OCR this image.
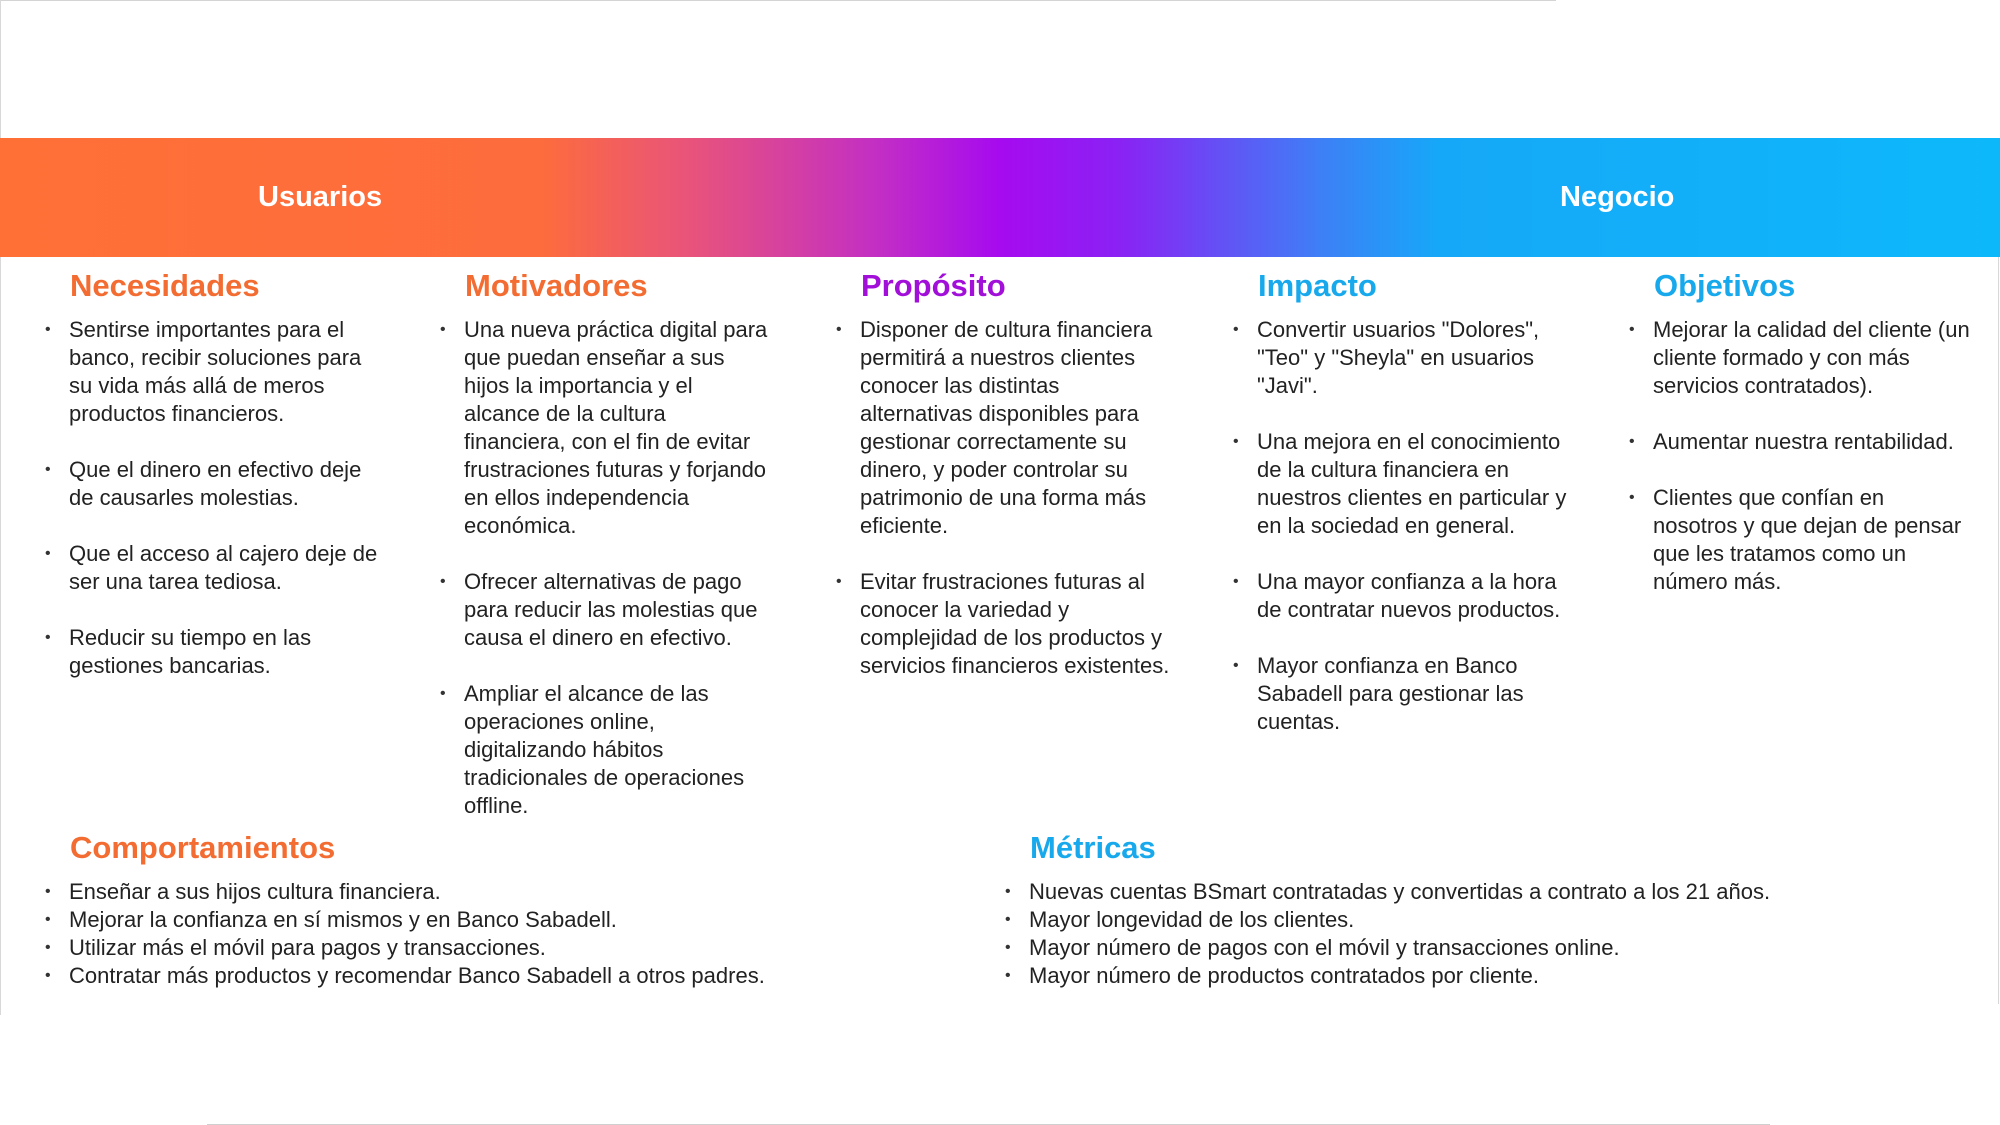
Usuarios	Negocio
Necesidades
• Sentirse importantes para el banco, recibir soluciones para su vida más allá de meros productos financieros.
• Que el dinero en efectivo deje de causarles molestias.
• Que el acceso al cajero deje de ser una tarea tediosa.
• Reducir su tiempo en las gestiones bancarias.
Motivadores
• Una nueva práctica digital para que puedan enseñar a sus hijos la importancia y el alcance de la cultura financiera, con el fin de evitar frustraciones futuras y forjando en ellos independencia económica.
• Ofrecer alternativas de pago para reducir las molestias que causa el dinero en efectivo.
• Ampliar el alcance de las operaciones online, digitalizando hábitos tradicionales de operaciones offline.
Propósito
• Disponer de cultura financiera permitirá a nuestros clientes conocer las distintas alternativas disponibles para gestionar correctamente su dinero, y poder controlar su patrimonio de una forma más eficiente.
• Evitar frustraciones futuras al conocer la variedad y complejidad de los productos y servicios financieros existentes.
Impacto
• Convertir usuarios "Dolores", "Teo" y "Sheyla" en usuarios "Javi".
• Una mejora en el conocimiento de la cultura financiera en nuestros clientes en particular y en la sociedad en general.
• Una mayor confianza a la hora de contratar nuevos productos.
• Mayor confianza en Banco Sabadell para gestionar las cuentas.
Objetivos
• Mejorar la calidad del cliente (un cliente formado y con más servicios contratados).
• Aumentar nuestra rentabilidad.
• Clientes que confían en nosotros y que dejan de pensar que les tratamos como un número más.
Comportamientos
• Enseñar a sus hijos cultura financiera.
• Mejorar la confianza en sí mismos y en Banco Sabadell.
• Utilizar más el móvil para pagos y transacciones.
• Contratar más productos y recomendar Banco Sabadell a otros padres.
Métricas
• Nuevas cuentas BSmart contratadas y convertidas a contrato a los 21 años.
• Mayor longevidad de los clientes.
• Mayor número de pagos con el móvil y transacciones online.
• Mayor número de productos contratados por cliente.
